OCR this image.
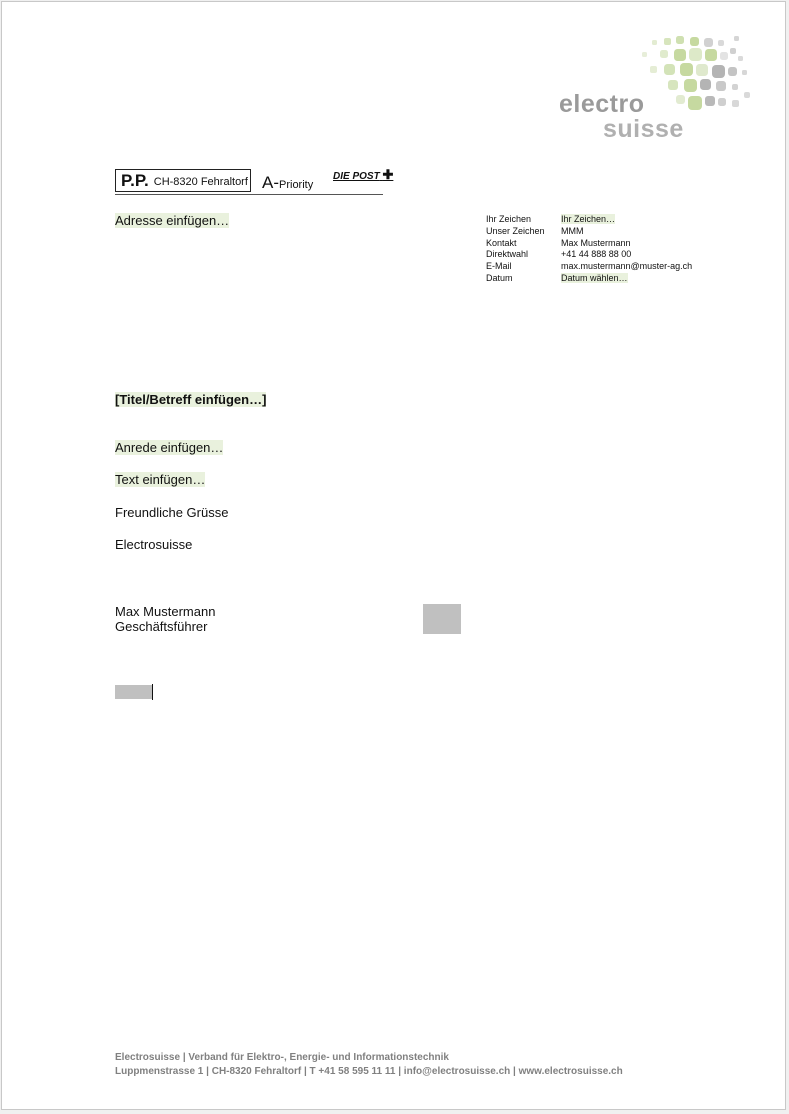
electro
suisse
P.P. CH-8320 Fehraltorf A-Priority
DIE POST ✚
Adresse einfügen…	Ihr Zeichen
Unser Zeichen
Kontakt
Direktwahl
E-Mail
Datum
Ihr Zeichen…
MMM
Max Mustermann
+41 44 888 88 00
max.mustermann@muster-ag.ch
Datum wählen…
[Titel/Betreff einfügen…]
Anrede einfügen…
Text einfügen…
Freundliche Grüsse
Electrosuisse
Max Mustermann
Geschäftsführer
Electrosuisse | Verband für Elektro-, Energie- und Informationstechnik
Luppmenstrasse 1 | CH-8320 Fehraltorf | T +41 58 595 11 11 | info@electrosuisse.ch | www.electrosuisse.ch
